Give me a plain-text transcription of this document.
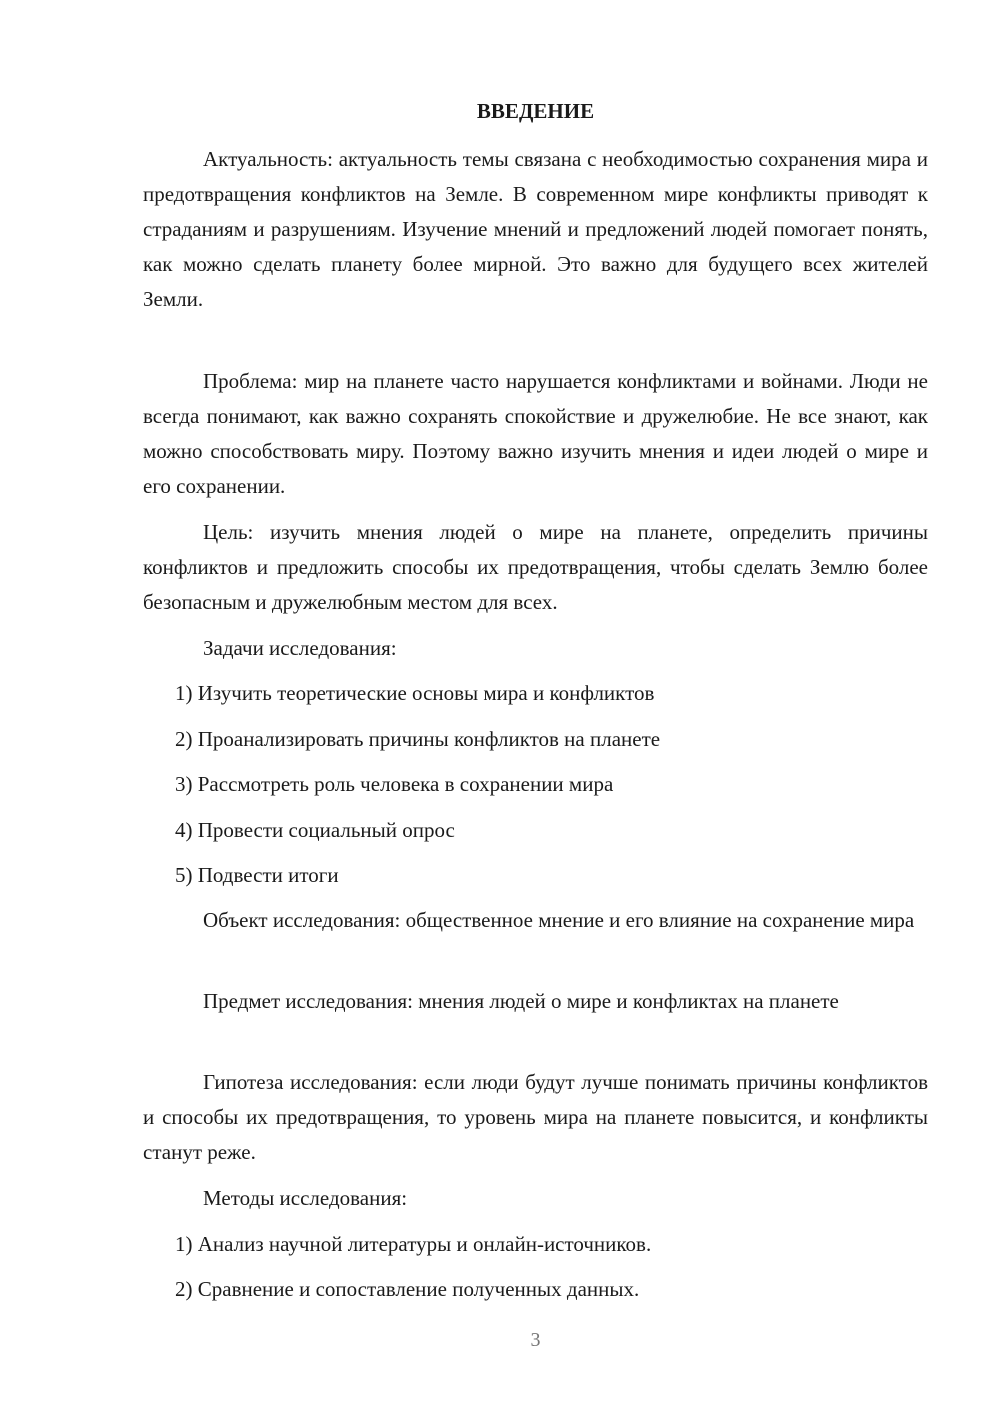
ВВЕДЕНИЕ

Актуальность: актуальность темы связана с необходимостью сохранения мира и предотвращения конфликтов на Земле. В современном мире конфликты приводят к страданиям и разрушениям. Изучение мнений и предложений людей помогает понять, как можно сделать планету более мирной. Это важно для будущего всех жителей Земли.

Проблема: мир на планете часто нарушается конфликтами и войнами. Люди не всегда понимают, как важно сохранять спокойствие и дружелюбие. Не все знают, как можно способствовать миру. Поэтому важно изучить мнения и идеи людей о мире и его сохранении.

Цель: изучить мнения людей о мире на планете, определить причины конфликтов и предложить способы их предотвращения, чтобы сделать Землю более безопасным и дружелюбным местом для всех.

Задачи исследования:
1) Изучить теоретические основы мира и конфликтов
2) Проанализировать причины конфликтов на планете
3) Рассмотреть роль человека в сохранении мира
4) Провести социальный опрос
5) Подвести итоги

Объект исследования: общественное мнение и его влияние на сохранение мира

Предмет исследования: мнения людей о мире и конфликтах на планете

Гипотеза исследования: если люди будут лучше понимать причины конфликтов и способы их предотвращения, то уровень мира на планете повысится, и конфликты станут реже.

Методы исследования:
1) Анализ научной литературы и онлайн-источников.
2) Сравнение и сопоставление полученных данных.
3
